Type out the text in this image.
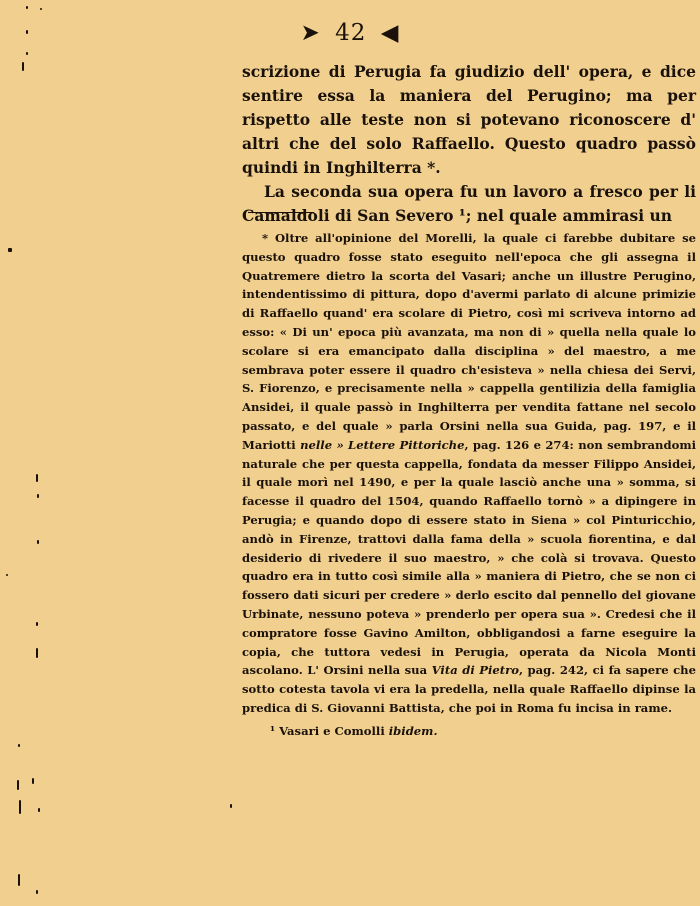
➤ 42 ◀

scrizione di Perugia fa giudizio dell' opera, e dice sentire essa la maniera del Perugino; ma per rispetto alle teste non si potevano riconoscere d' altri che del solo Raffaello. Questo quadro passò quindi in Inghilterra *.

La seconda sua opera fu un lavoro a fresco per li Camaldoli di San Severo ¹; nel quale ammirasi un

* Oltre all'opinione del Morelli, la quale ci farebbe dubitare se questo quadro fosse stato eseguito nell'epoca che gli assegna il Quatremere dietro la scorta del Vasari; anche un illustre Perugino, intendentissimo di pittura, dopo d'avermi parlato di alcune primizie di Raffaello quand' era scolare di Pietro, così mi scriveva intorno ad esso: « Di un' epoca più avanzata, ma non di » quella nella quale lo scolare si era emancipato dalla disciplina » del maestro, a me sembrava poter essere il quadro ch'esisteva » nella chiesa dei Servi, S. Fiorenzo, e precisamente nella » cappella gentilizia della famiglia Ansidei, il quale passò in Inghilterra per vendita fattane nel secolo passato, e del quale » parla Orsini nella sua Guida, pag. 197, e il Mariotti nelle » Lettere Pittoriche, pag. 126 e 274: non sembrandomi naturale che per questa cappella, fondata da messer Filippo Ansidei, il quale morì nel 1490, e per la quale lasciò anche una » somma, si facesse il quadro del 1504, quando Raffaello tornò » a dipingere in Perugia; e quando dopo di essere stato in Siena » col Pinturicchio, andò in Firenze, trattovi dalla fama della » scuola fiorentina, e dal desiderio di rivedere il suo maestro, » che colà si trovava. Questo quadro era in tutto così simile alla » maniera di Pietro, che se non ci fossero dati sicuri per credere » derlo escito dal pennello del giovane Urbinate, nessuno poteva » prenderlo per opera sua ». Credesi che il compratore fosse Gavino Amilton, obbligandosi a farne eseguire la copia, che tuttora vedesi in Perugia, operata da Nicola Monti ascolano. L' Orsini nella sua Vita di Pietro, pag. 242, ci fa sapere che sotto cotesta tavola vi era la predella, nella quale Raffaello dipinse la predica di S. Giovanni Battista, che poi in Roma fu incisa in rame.

¹ Vasari e Comolli ibidem.
